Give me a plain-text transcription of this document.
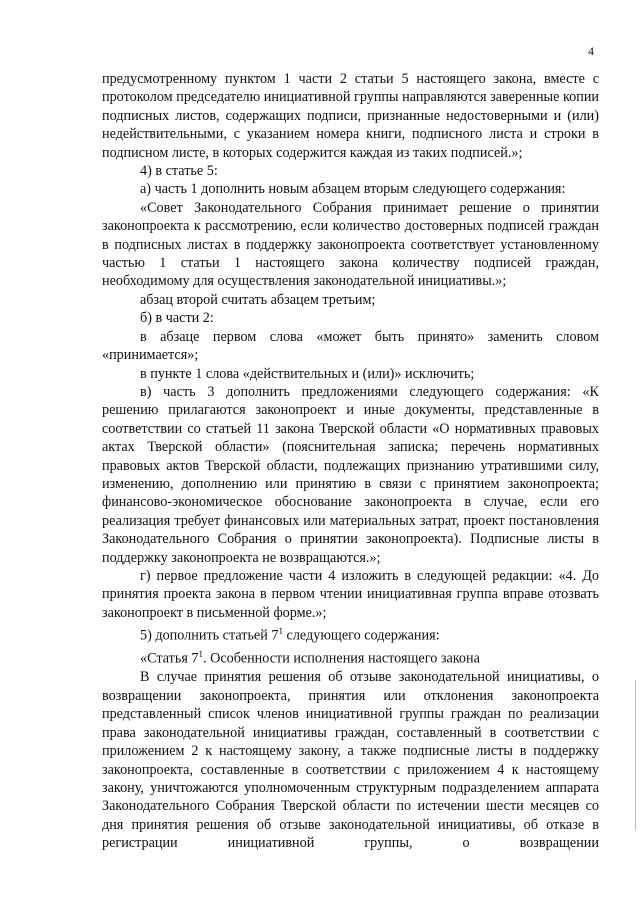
4

предусмотренному пунктом 1 части 2 статьи 5 настоящего закона, вместе с протоколом председателю инициативной группы направляются заверенные копии подписных листов, содержащих подписи, признанные недостоверными и (или) недействительными, с указанием номера книги, подписного листа и строки в подписном листе, в которых содержится каждая из таких подписей.»;

4) в статье 5:

а) часть 1 дополнить новым абзацем вторым следующего содержания:

«Совет Законодательного Собрания принимает решение о принятии законопроекта к рассмотрению, если количество достоверных подписей граждан в подписных листах в поддержку законопроекта соответствует установленному частью 1 статьи 1 настоящего закона количеству подписей граждан, необходимому для осуществления законодательной инициативы.»;

абзац второй считать абзацем третьим;

б) в части 2:

в абзаце первом слова «может быть принято» заменить словом «принимается»;

в пункте 1 слова «действительных и (или)» исключить;

в) часть 3 дополнить предложениями следующего содержания: «К решению прилагаются законопроект и иные документы, представленные в соответствии со статьей 11 закона Тверской области «О нормативных правовых актах Тверской области» (пояснительная записка; перечень нормативных правовых актов Тверской области, подлежащих признанию утратившими силу, изменению, дополнению или принятию в связи с принятием законопроекта; финансово-экономическое обоснование законопроекта в случае, если его реализация требует финансовых или материальных затрат, проект постановления Законодательного Собрания о принятии законопроекта). Подписные листы в поддержку законопроекта не возвращаются.»;

г) первое предложение части 4 изложить в следующей редакции: «4. До принятия проекта закона в первом чтении инициативная группа вправе отозвать законопроект в письменной форме.»;

5) дополнить статьей $7^1$ следующего содержания:

«Статья $7^1$. Особенности исполнения настоящего закона

В случае принятия решения об отзыве законодательной инициативы, о возвращении законопроекта, принятия или отклонения законопроекта представленный список членов инициативной группы граждан по реализации права законодательной инициативы граждан, составленный в соответствии с приложением 2 к настоящему закону, а также подписные листы в поддержку законопроекта, составленные в соответствии с приложением 4 к настоящему закону, уничтожаются уполномоченным структурным подразделением аппарата Законодательного Собрания Тверской области по истечении шести месяцев со дня принятия решения об отзыве законодательной инициативы, об отказе в регистрации инициативной группы, о возвращении
